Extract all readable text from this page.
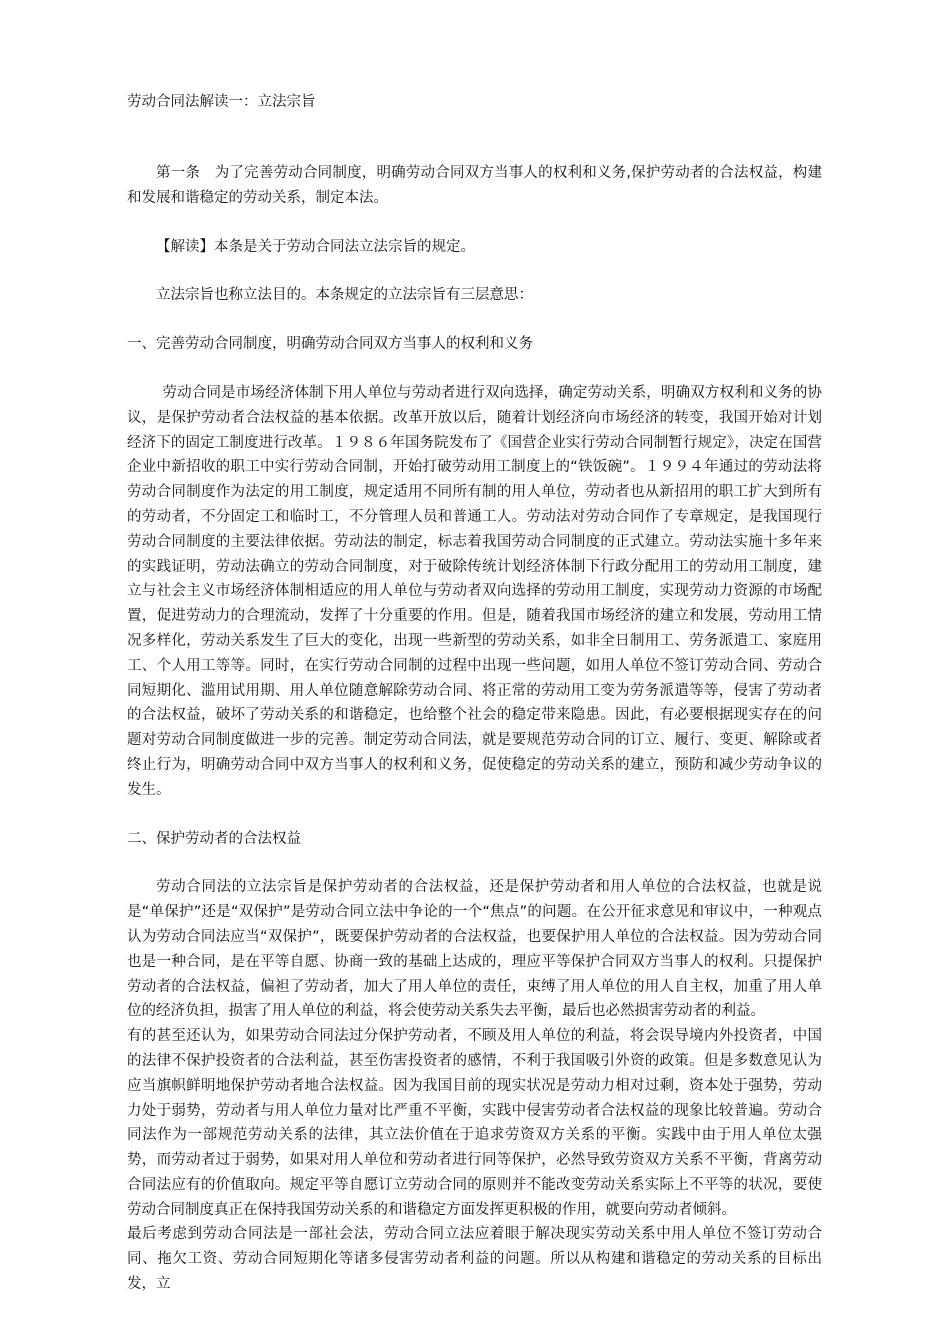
劳动合同法解读一：立法宗旨

第一条　为了完善劳动合同制度，明确劳动合同双方当事人的权利和义务,保护劳动者的合法权益，构建和发展和谐稳定的劳动关系，制定本法。

【解读】本条是关于劳动合同法立法宗旨的规定。

立法宗旨也称立法目的。本条规定的立法宗旨有三层意思：

一、完善劳动合同制度，明确劳动合同双方当事人的权利和义务

劳动合同是市场经济体制下用人单位与劳动者进行双向选择，确定劳动关系，明确双方权利和义务的协议，是保护劳动者合法权益的基本依据。改革开放以后，随着计划经济向市场经济的转变，我国开始对计划经济下的固定工制度进行改革。１９８６年国务院发布了《国营企业实行劳动合同制暂行规定》，决定在国营企业中新招收的职工中实行劳动合同制，开始打破劳动用工制度上的“铁饭碗”。１９９４年通过的劳动法将劳动合同制度作为法定的用工制度，规定适用不同所有制的用人单位，劳动者也从新招用的职工扩大到所有的劳动者，不分固定工和临时工，不分管理人员和普通工人。劳动法对劳动合同作了专章规定，是我国现行劳动合同制度的主要法律依据。劳动法的制定，标志着我国劳动合同制度的正式建立。劳动法实施十多年来的实践证明，劳动法确立的劳动合同制度，对于破除传统计划经济体制下行政分配用工的劳动用工制度，建立与社会主义市场经济体制相适应的用人单位与劳动者双向选择的劳动用工制度，实现劳动力资源的市场配置，促进劳动力的合理流动，发挥了十分重要的作用。但是，随着我国市场经济的建立和发展，劳动用工情况多样化，劳动关系发生了巨大的变化，出现一些新型的劳动关系，如非全日制用工、劳务派遣工、家庭用工、个人用工等等。同时，在实行劳动合同制的过程中出现一些问题，如用人单位不签订劳动合同、劳动合同短期化、滥用试用期、用人单位随意解除劳动合同、将正常的劳动用工变为劳务派遣等等，侵害了劳动者的合法权益，破坏了劳动关系的和谐稳定，也给整个社会的稳定带来隐患。因此，有必要根据现实存在的问题对劳动合同制度做进一步的完善。制定劳动合同法，就是要规范劳动合同的订立、履行、变更、解除或者终止行为，明确劳动合同中双方当事人的权利和义务，促使稳定的劳动关系的建立，预防和减少劳动争议的发生。

二、保护劳动者的合法权益

劳动合同法的立法宗旨是保护劳动者的合法权益，还是保护劳动者和用人单位的合法权益，也就是说是“单保护”还是“双保护”是劳动合同立法中争论的一个“焦点”的问题。在公开征求意见和审议中，一种观点认为劳动合同法应当“双保护”，既要保护劳动者的合法权益，也要保护用人单位的合法权益。因为劳动合同也是一种合同，是在平等自愿、协商一致的基础上达成的，理应平等保护合同双方当事人的权利。只提保护劳动者的合法权益，偏袒了劳动者，加大了用人单位的责任，束缚了用人单位的用人自主权，加重了用人单位的经济负担，损害了用人单位的利益，将会使劳动关系失去平衡，最后也必然损害劳动者的利益。

有的甚至还认为，如果劳动合同法过分保护劳动者，不顾及用人单位的利益，将会误导境内外投资者，中国的法律不保护投资者的合法利益，甚至伤害投资者的感情，不利于我国吸引外资的政策。但是多数意见认为应当旗帜鲜明地保护劳动者地合法权益。因为我国目前的现实状况是劳动力相对过剩，资本处于强势，劳动力处于弱势，劳动者与用人单位力量对比严重不平衡，实践中侵害劳动者合法权益的现象比较普遍。劳动合同法作为一部规范劳动关系的法律，其立法价值在于追求劳资双方关系的平衡。实践中由于用人单位太强势，而劳动者过于弱势，如果对用人单位和劳动者进行同等保护，必然导致劳资双方关系不平衡，背离劳动合同法应有的价值取向。规定平等自愿订立劳动合同的原则并不能改变劳动关系实际上不平等的状况，要使劳动合同制度真正在保持我国劳动关系的和谐稳定方面发挥更积极的作用，就要向劳动者倾斜。

最后考虑到劳动合同法是一部社会法，劳动合同立法应着眼于解决现实劳动关系中用人单位不签订劳动合同、拖欠工资、劳动合同短期化等诸多侵害劳动者利益的问题。所以从构建和谐稳定的劳动关系的目标出发，立
